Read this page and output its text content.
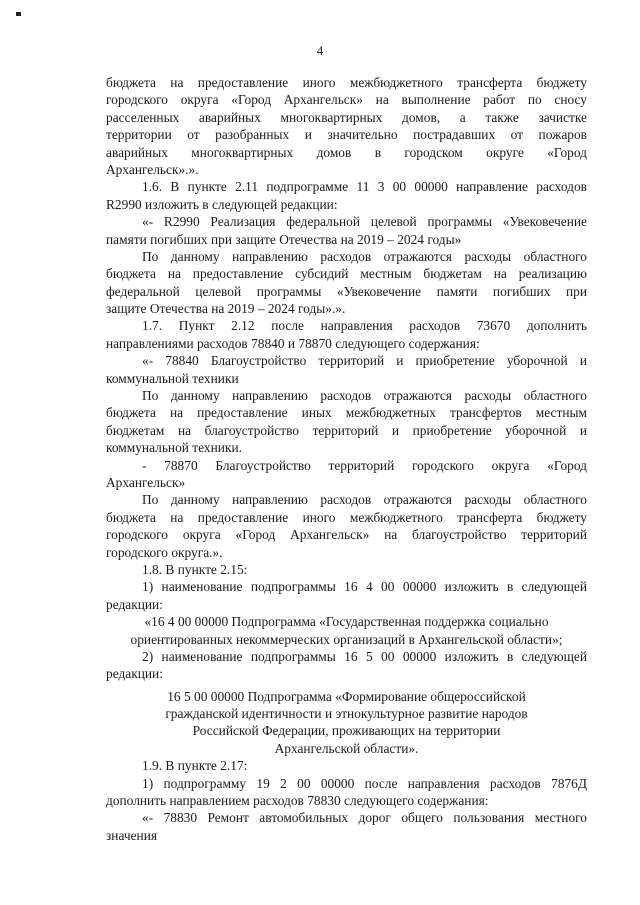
4
бюджета на предоставление иного межбюджетного трансферта бюджету
городского округа «Город Архангельск» на выполнение работ по сносу
расселенных аварийных многоквартирных домов, а также зачистке
территории от разобранных и значительно пострадавших от пожаров
аварийных многоквартирных домов в городском округе «Город
Архангельск».».
1.6. В пункте 2.11 подпрограмме 11 3 00 00000 направление расходов
R2990 изложить в следующей редакции:
«- R2990 Реализация федеральной целевой программы «Увековечение
памяти погибших при защите Отечества на 2019 – 2024 годы»
По данному направлению расходов отражаются расходы областного
бюджета на предоставление субсидий местным бюджетам на реализацию
федеральной целевой программы «Увековечение памяти погибших при
защите Отечества на 2019 – 2024 годы».».
1.7. Пункт 2.12 после направления расходов 73670 дополнить
направлениями расходов 78840 и 78870 следующего содержания:
«- 78840 Благоустройство территорий и приобретение уборочной и
коммунальной техники
По данному направлению расходов отражаются расходы областного
бюджета на предоставление иных межбюджетных трансфертов местным
бюджетам на благоустройство территорий и приобретение уборочной и
коммунальной техники.
- 78870 Благоустройство территорий городского округа «Город
Архангельск»
По данному направлению расходов отражаются расходы областного
бюджета на предоставление иного межбюджетного трансферта бюджету
городского округа «Город Архангельск» на благоустройство территорий
городского округа.».
1.8. В пункте 2.15:
1) наименование подпрограммы 16 4 00 00000 изложить в следующей
редакции:
«16 4 00 00000 Подпрограмма «Государственная поддержка социально
ориентированных некоммерческих организаций в Архангельской области»;
2) наименование подпрограммы 16 5 00 00000 изложить в следующей
редакции:
16 5 00 00000 Подпрограмма «Формирование общероссийской
гражданской идентичности и этнокультурное развитие народов
Российской Федерации, проживающих на территории
Архангельской области».
1.9. В пункте 2.17:
1) подпрограмму 19 2 00 00000 после направления расходов 7876Д
дополнить направлением расходов 78830 следующего содержания:
«- 78830 Ремонт автомобильных дорог общего пользования местного
значения
